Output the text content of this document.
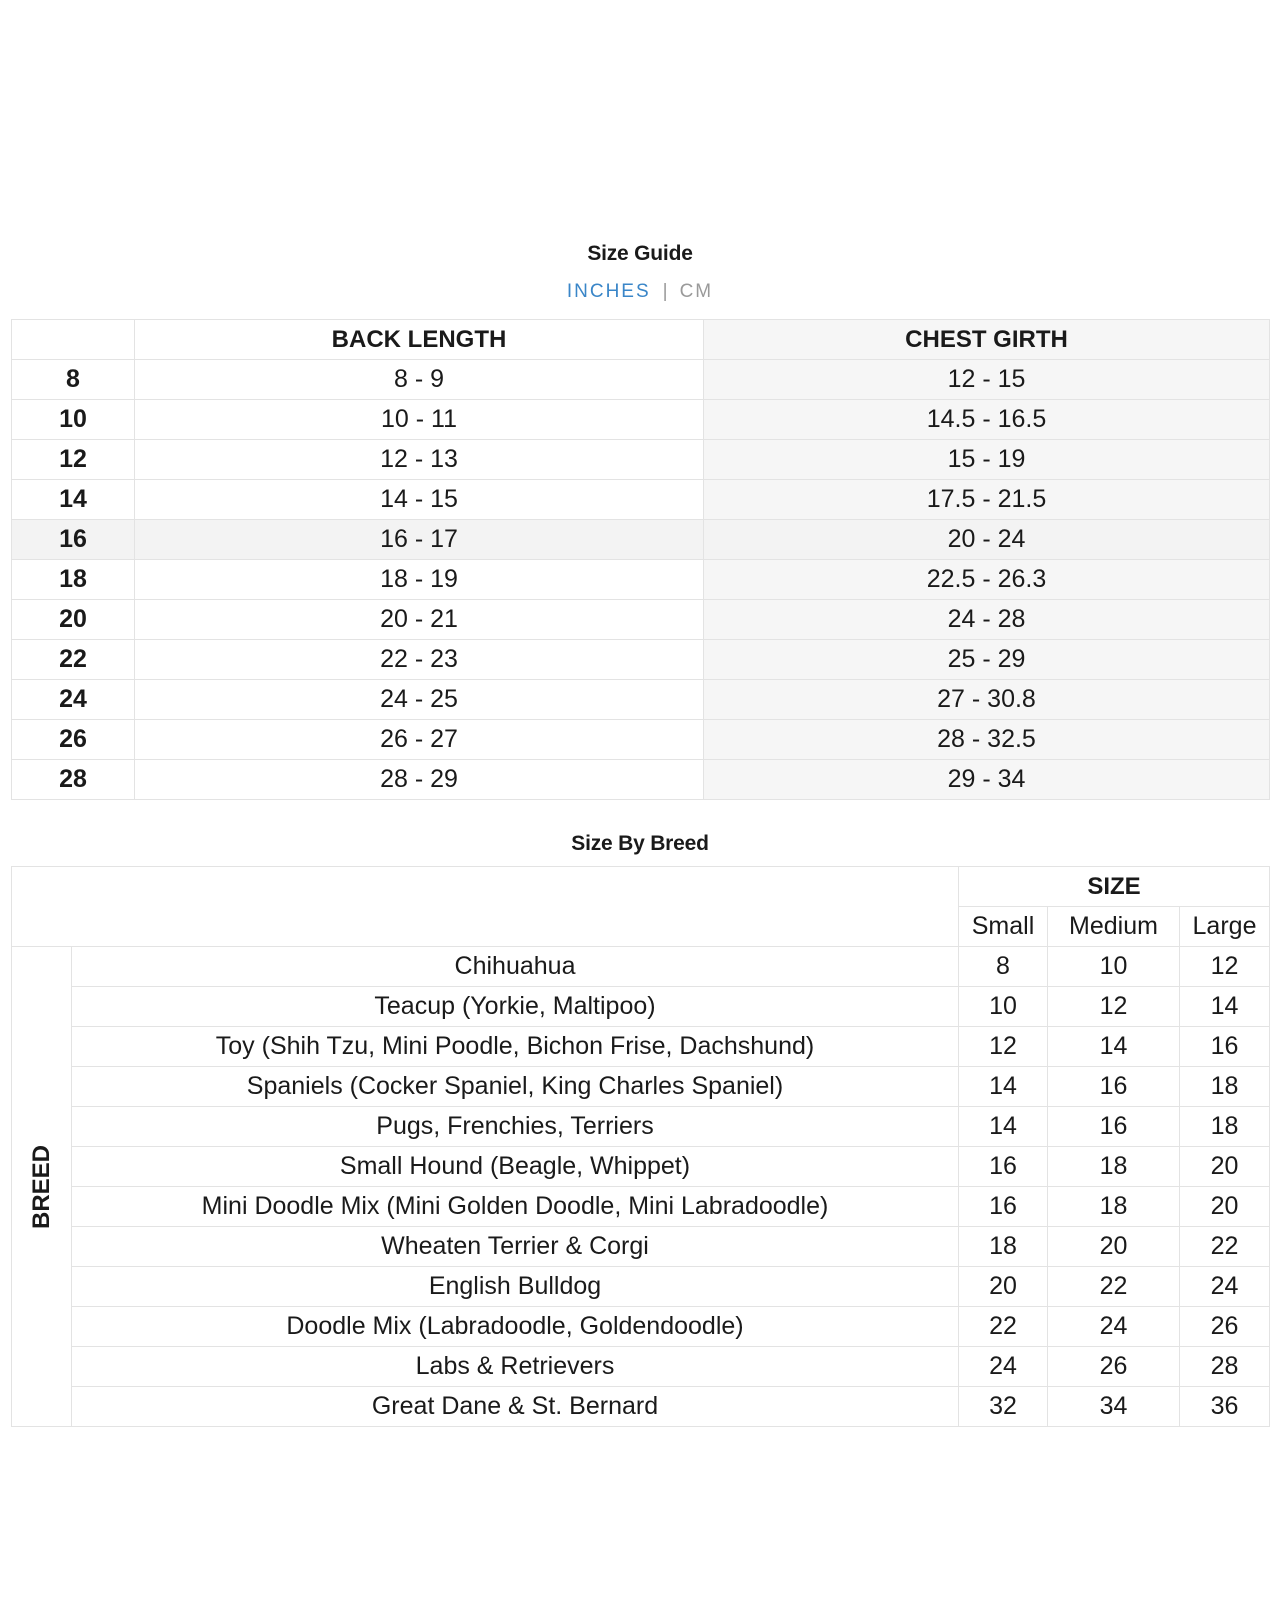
Size Guide
INCHES | CM
	BACK LENGTH	CHEST GIRTH
8	8 - 9	12 - 15
10	10 - 11	14.5 - 16.5
12	12 - 13	15 - 19
14	14 - 15	17.5 - 21.5
16	16 - 17	20 - 24
18	18 - 19	22.5 - 26.3
20	20 - 21	24 - 28
22	22 - 23	25 - 29
24	24 - 25	27 - 30.8
26	26 - 27	28 - 32.5
28	28 - 29	29 - 34
Size By Breed
		SIZE		
		Small	Medium	Large

BREED	Chihuahua	8	10	12
	Teacup (Yorkie, Maltipoo)	10	12	14
	Toy (Shih Tzu, Mini Poodle, Bichon Frise, Dachshund)	12	14	16
	Spaniels (Cocker Spaniel, King Charles Spaniel)	14	16	18
	Pugs, Frenchies, Terriers	14	16	18
	Small Hound (Beagle, Whippet)	16	18	20
	Mini Doodle Mix (Mini Golden Doodle, Mini Labradoodle)	16	18	20
	Wheaten Terrier & Corgi	18	20	22
	English Bulldog	20	22	24
	Doodle Mix (Labradoodle, Goldendoodle)	22	24	26
	Labs & Retrievers	24	26	28
	Great Dane & St. Bernard	32	34	36
